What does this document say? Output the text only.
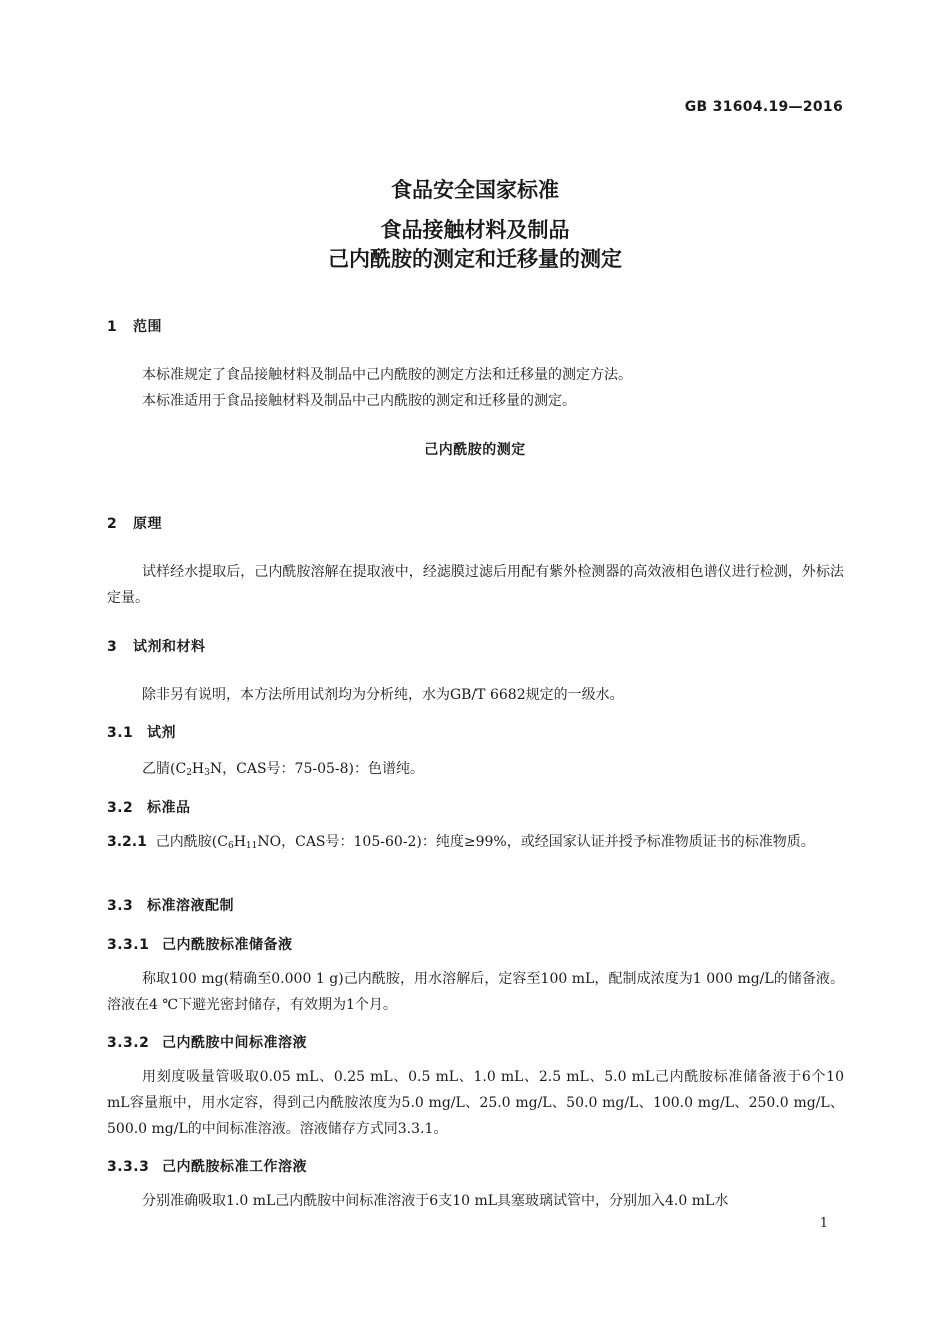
GB 31604.19—2016
食品安全国家标准
食品接触材料及制品
己内酰胺的测定和迁移量的测定
1 范围
本标准规定了食品接触材料及制品中己内酰胺的测定方法和迁移量的测定方法。
本标准适用于食品接触材料及制品中己内酰胺的测定和迁移量的测定。
己内酰胺的测定
2 原理
试样经水提取后，己内酰胺溶解在提取液中，经滤膜过滤后用配有紫外检测器的高效液相色谱仪进行检测，外标法定量。
3 试剂和材料
除非另有说明，本方法所用试剂均为分析纯，水为GB/T 6682规定的一级水。
3.1 试剂
乙腈($C_2H_3N$，CAS号：75-05-8)：色谱纯。
3.2 标准品
3.2.1 己内酰胺($C_6H_{11}NO$，CAS号：105-60-2)：纯度≥99%，或经国家认证并授予标准物质证书的标准物质。
3.3 标准溶液配制
3.3.1 己内酰胺标准储备液
称取100 mg(精确至0.000 1 g)己内酰胺，用水溶解后，定容至100 mL，配制成浓度为1 000 mg/L的储备液。溶液在4 ℃下避光密封储存，有效期为1个月。
3.3.2 己内酰胺中间标准溶液
用刻度吸量管吸取0.05 mL、0.25 mL、0.5 mL、1.0 mL、2.5 mL、5.0 mL己内酰胺标准储备液于6个10 mL容量瓶中，用水定容，得到己内酰胺浓度为5.0 mg/L、25.0 mg/L、50.0 mg/L、100.0 mg/L、250.0 mg/L、500.0 mg/L的中间标准溶液。溶液储存方式同3.3.1。
3.3.3 己内酰胺标准工作溶液
分别准确吸取1.0 mL己内酰胺中间标准溶液于6支10 mL具塞玻璃试管中，分别加入4.0 mL水
1
